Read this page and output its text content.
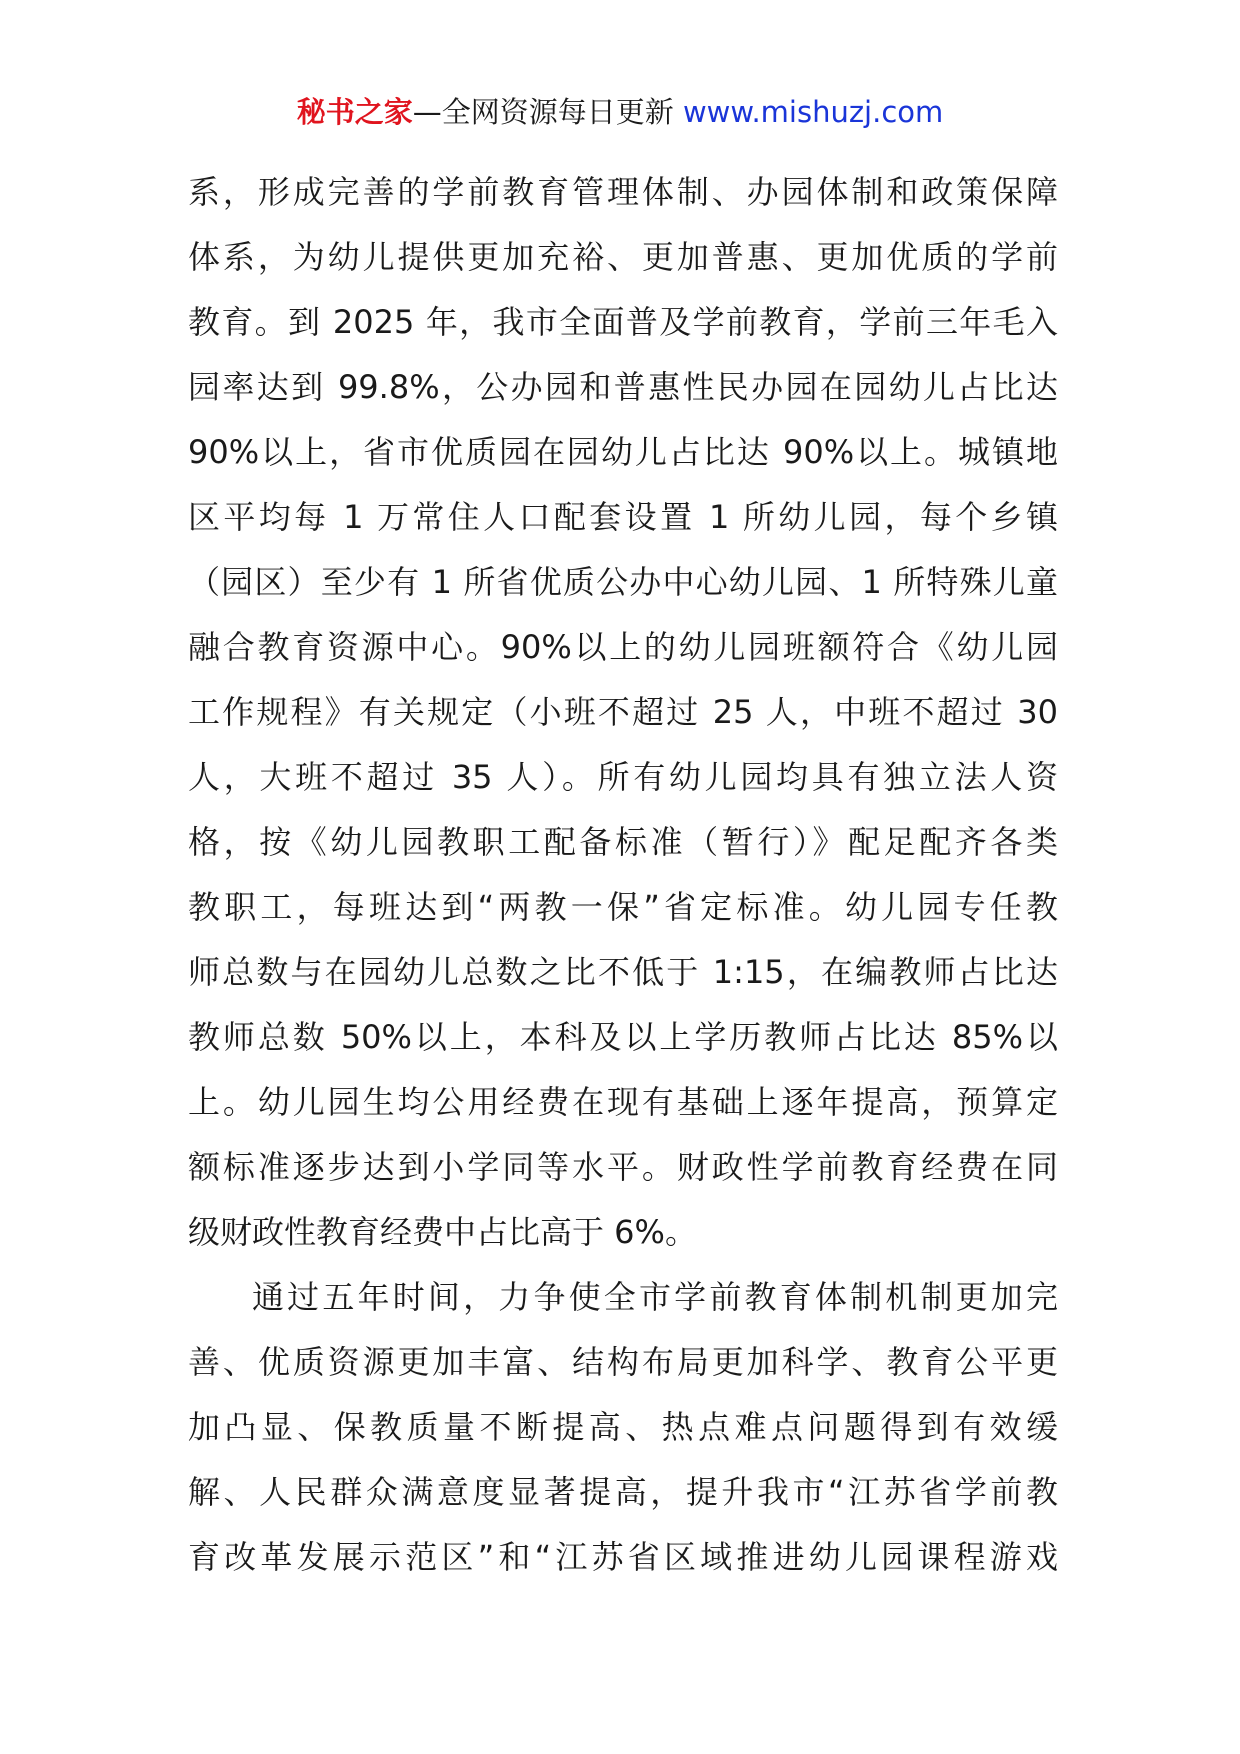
秘书之家—全网资源每日更新 www.mishuzj.com
系，形成完善的学前教育管理体制、办园体制和政策保障
体系，为幼儿提供更加充裕、更加普惠、更加优质的学前
教育。到 2025 年，我市全面普及学前教育，学前三年毛入
园率达到 99.8%，公办园和普惠性民办园在园幼儿占比达
90%以上，省市优质园在园幼儿占比达 90%以上。城镇地
区平均每 1 万常住人口配套设置 1 所幼儿园，每个乡镇
（园区）至少有 1 所省优质公办中心幼儿园、1 所特殊儿童
融合教育资源中心。90%以上的幼儿园班额符合《幼儿园
工作规程》有关规定（小班不超过 25 人，中班不超过 30
人，大班不超过 35 人）。所有幼儿园均具有独立法人资
格，按《幼儿园教职工配备标准（暂行）》配足配齐各类
教职工，每班达到“两教一保”省定标准。幼儿园专任教
师总数与在园幼儿总数之比不低于 1:15，在编教师占比达
教师总数 50%以上，本科及以上学历教师占比达 85%以
上。幼儿园生均公用经费在现有基础上逐年提高，预算定
额标准逐步达到小学同等水平。财政性学前教育经费在同
级财政性教育经费中占比高于 6%。
通过五年时间，力争使全市学前教育体制机制更加完
善、优质资源更加丰富、结构布局更加科学、教育公平更
加凸显、保教质量不断提高、热点难点问题得到有效缓
解、人民群众满意度显著提高，提升我市“江苏省学前教
育改革发展示范区”和“江苏省区域推进幼儿园课程游戏
